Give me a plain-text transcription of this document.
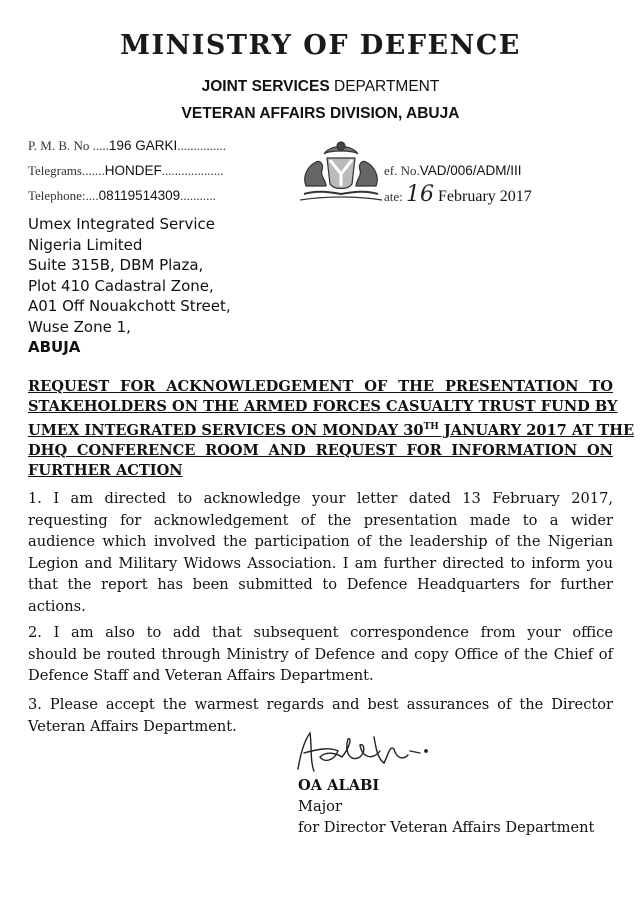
MINISTRY OF DEFENCE
JOINT SERVICES DEPARTMENT
VETERAN AFFAIRS DIVISION, ABUJA
P. M. B. No .....196 GARKI...............
Telegrams.......HONDEF...................
Telephone:....08119514309...........
ef. No.VAD/006/ADM/III
ate: 16 February 2017
Umex Integrated Service
Nigeria Limited
Suite 315B, DBM Plaza,
Plot 410 Cadastral Zone,
A01 Off Nouakchott Street,
Wuse Zone 1,
ABUJA
REQUEST FOR ACKNOWLEDGEMENT OF THE PRESENTATION TO
STAKEHOLDERS ON THE ARMED FORCES CASUALTY TRUST FUND BY
UMEX INTEGRATED SERVICES ON MONDAY 30TH JANUARY 2017 AT THE
DHQ CONFERENCE ROOM AND REQUEST FOR INFORMATION ON
FURTHER ACTION
1. I am directed to acknowledge your letter dated 13 February 2017,
requesting for acknowledgement of the presentation made to a wider
audience which involved the participation of the leadership of the Nigerian
Legion and Military Widows Association. I am further directed to inform you
that the report has been submitted to Defence Headquarters for further
actions.
2. I am also to add that subsequent correspondence from your office
should be routed through Ministry of Defence and copy Office of the Chief of
Defence Staff and Veteran Affairs Department.
3. Please accept the warmest regards and best assurances of the Director
Veteran Affairs Department.
OA ALABI
Major
for Director Veteran Affairs Department
